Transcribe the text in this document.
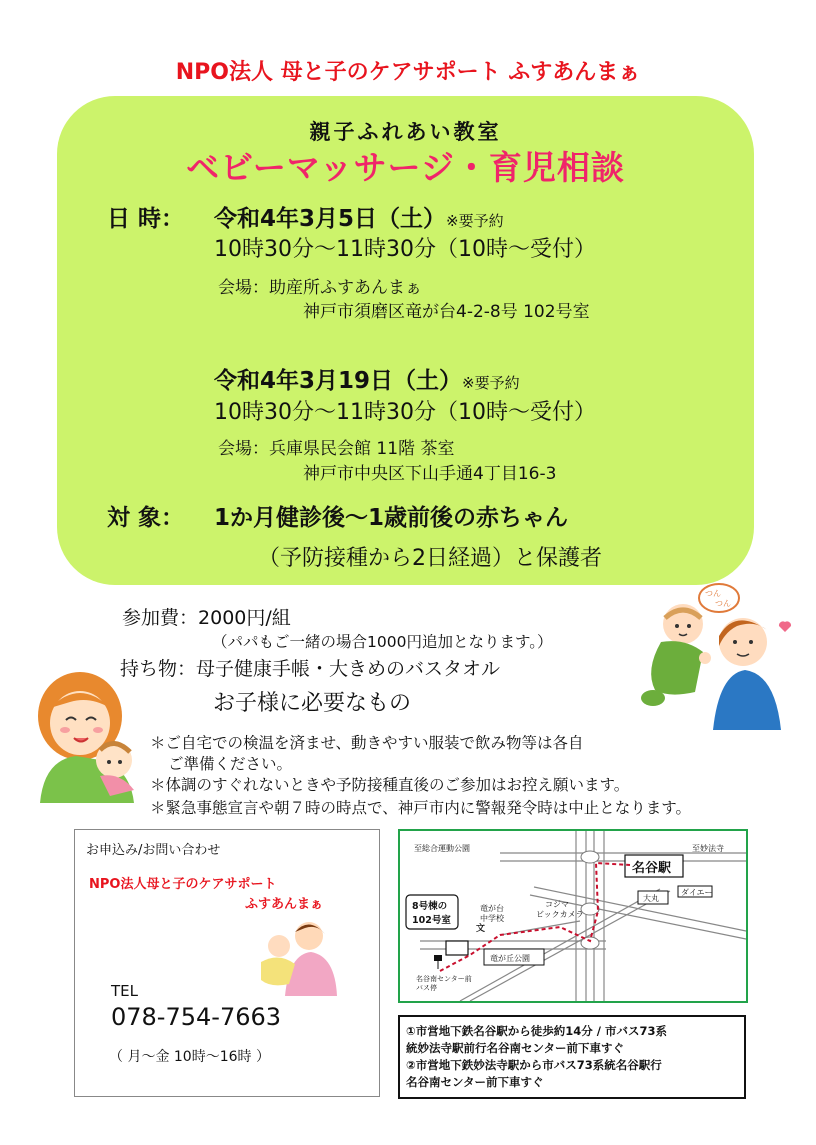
NPO法人 母と子のケアサポート ふすあんまぁ
親子ふれあい教室
ベビーマッサージ・育児相談
日 時： 令和4年3月5日（土）※要予約
10時30分～11時30分（10時～受付）
会場：助産所ふすあんまぁ
神戸市須磨区竜が台4-2-8号 102号室
令和4年3月19日（土）※要予約
10時30分～11時30分（10時～受付）
会場：兵庫県民会館 11階 茶室
神戸市中央区下山手通4丁目16-3
対 象： 1か月健診後～1歳前後の赤ちゃん
（予防接種から2日経過）と保護者
参加費：2000円/組
（パパもご一緒の場合1000円追加となります。）
持ち物：母子健康手帳・大きめのバスタオル
お子様に必要なもの
＊ご自宅での検温を済ませ、動きやすい服装で飲み物等は各自
ご準備ください。
＊体調のすぐれないときや予防接種直後のご参加はお控え願います。
＊緊急事態宣言や朝７時の時点で、神戸市内に警報発令時は中止となります。
つん
つん
お申込み/お問い合わせ
NPO法人母と子のケアサポート
ふすあんまぁ
TEL
078-754-7663
（ 月～金 10時～16時 ）
名谷駅
大丸
ダイエー
至総合運動公園	至妙法寺
コジマ
ビックカメラ
竜が台
中学校
文
竜が丘公園
8号棟の
102号室
名谷南センター前
バス停
①市営地下鉄名谷駅から徒歩約14分 / 市バス73系
統妙法寺駅前行名谷南センター前下車すぐ
②市営地下鉄妙法寺駅から市バス73系統名谷駅行
名谷南センター前下車すぐ
